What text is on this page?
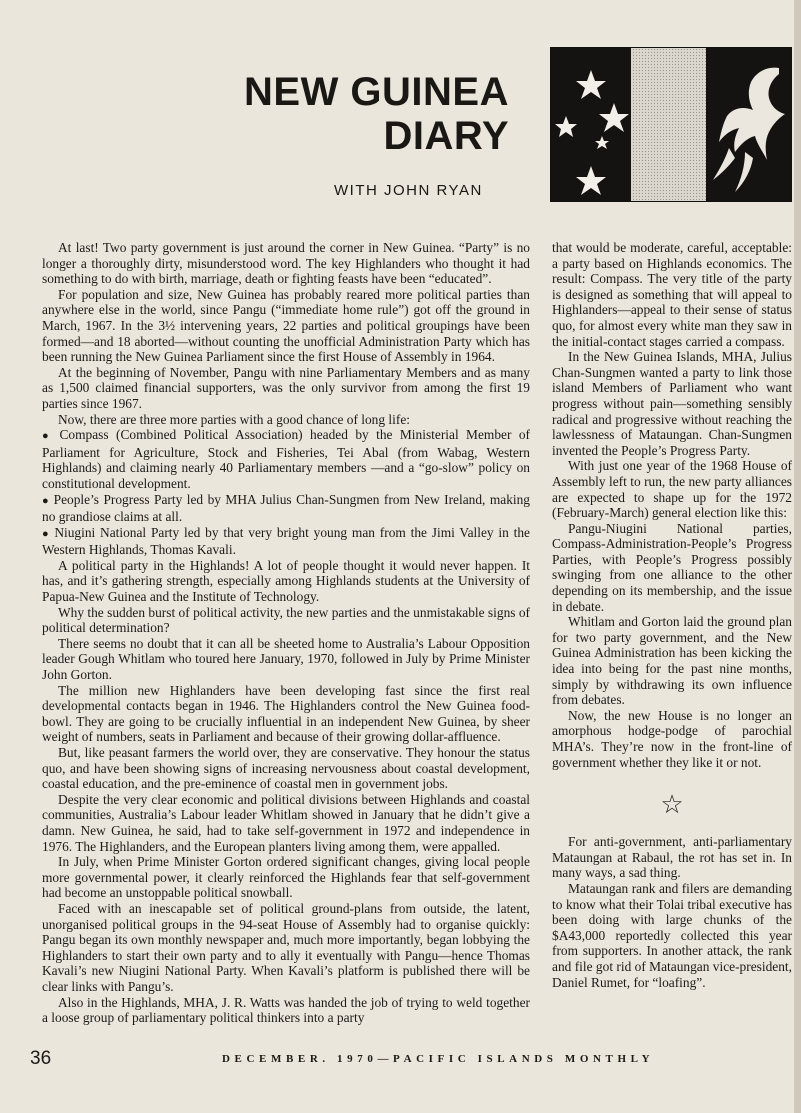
NEW GUINEA
DIARY
WITH JOHN RYAN

At last! Two party government is just around the corner in New Guinea. “Party” is no longer a thoroughly dirty, misunderstood word. The key Highlanders who thought it had something to do with birth, marriage, death or fighting feasts have been “educated”.

For population and size, New Guinea has probably reared more political parties than anywhere else in the world, since Pangu (“immediate home rule”) got off the ground in March, 1967. In the 3½ intervening years, 22 parties and political groupings have been formed—and 18 aborted—without counting the unofficial Administration Party which has been running the New Guinea Parliament since the first House of Assembly in 1964.

At the beginning of November, Pangu with nine Parliamentary Members and as many as 1,500 claimed financial supporters, was the only survivor from among the first 19 parties since 1967.

Now, there are three more parties with a good chance of long life:

● Compass (Combined Political Association) headed by the Ministerial Member of Parliament for Agriculture, Stock and Fisheries, Tei Abal (from Wabag, Western Highlands) and claiming nearly 40 Parliamentary members —and a “go-slow” policy on constitutional development.

● People’s Progress Party led by MHA Julius Chan-Sungmen from New Ireland, making no grandiose claims at all.

● Niugini National Party led by that very bright young man from the Jimi Valley in the Western Highlands, Thomas Kavali.

A political party in the Highlands! A lot of people thought it would never happen. It has, and it’s gathering strength, especially among Highlands students at the University of Papua-New Guinea and the Institute of Technology.

Why the sudden burst of political activity, the new parties and the unmistakable signs of political determination?

There seems no doubt that it can all be sheeted home to Australia’s Labour Opposition leader Gough Whitlam who toured here January, 1970, followed in July by Prime Minister John Gorton.

The million new Highlanders have been developing fast since the first real developmental contacts began in 1946. The Highlanders control the New Guinea food-bowl. They are going to be crucially influential in an independent New Guinea, by sheer weight of numbers, seats in Parliament and because of their growing dollar-affluence.

But, like peasant farmers the world over, they are conservative. They honour the status quo, and have been showing signs of increasing nervousness about coastal development, coastal education, and the pre-eminence of coastal men in government jobs.

Despite the very clear economic and political divisions between Highlands and coastal communities, Australia’s Labour leader Whitlam showed in January that he didn’t give a damn. New Guinea, he said, had to take self-government in 1972 and independence in 1976. The Highlanders, and the European planters living among them, were appalled.

In July, when Prime Minister Gorton ordered significant changes, giving local people more governmental power, it clearly reinforced the Highlands fear that self-government had become an unstoppable political snowball.

Faced with an inescapable set of political ground-plans from outside, the latent, unorganised political groups in the 94-seat House of Assembly had to organise quickly: Pangu began its own monthly newspaper and, much more importantly, began lobbying the Highlanders to start their own party and to ally it eventually with Pangu—hence Thomas Kavali’s new Niugini National Party. When Kavali’s platform is published there will be clear links with Pangu’s.

Also in the Highlands, MHA, J. R. Watts was handed the job of trying to weld together a loose group of parliamentary political thinkers into a party

that would be moderate, careful, acceptable: a party based on Highlands economics. The result: Compass. The very title of the party is designed as something that will appeal to Highlanders—appeal to their sense of status quo, for almost every white man they saw in the initial-contact stages carried a compass.

In the New Guinea Islands, MHA, Julius Chan-Sungmen wanted a party to link those island Members of Parliament who want progress without pain—something sensibly radical and progressive without reaching the lawlessness of Mataungan. Chan-Sungmen invented the People’s Progress Party.

With just one year of the 1968 House of Assembly left to run, the new party alliances are expected to shape up for the 1972 (February-March) general election like this:

Pangu-Niugini National parties, Compass-Administration-People’s Progress Parties, with People’s Progress possibly swinging from one alliance to the other depending on its membership, and the issue in debate.

Whitlam and Gorton laid the ground plan for two party government, and the New Guinea Administration has been kicking the idea into being for the past nine months, simply by withdrawing its own influence from debates.

Now, the new House is no longer an amorphous hodge-podge of parochial MHA’s. They’re now in the front-line of government whether they like it or not.

☆

For anti-government, anti-parliamentary Mataungan at Rabaul, the rot has set in. In many ways, a sad thing.

Mataungan rank and filers are demanding to know what their Tolai tribal executive has been doing with large chunks of the $A43,000 reportedly collected this year from supporters. In another attack, the rank and file got rid of Mataungan vice-president, Daniel Rumet, for “loafing”.

36	DECEMBER. 1970—PACIFIC ISLANDS MONTHLY
